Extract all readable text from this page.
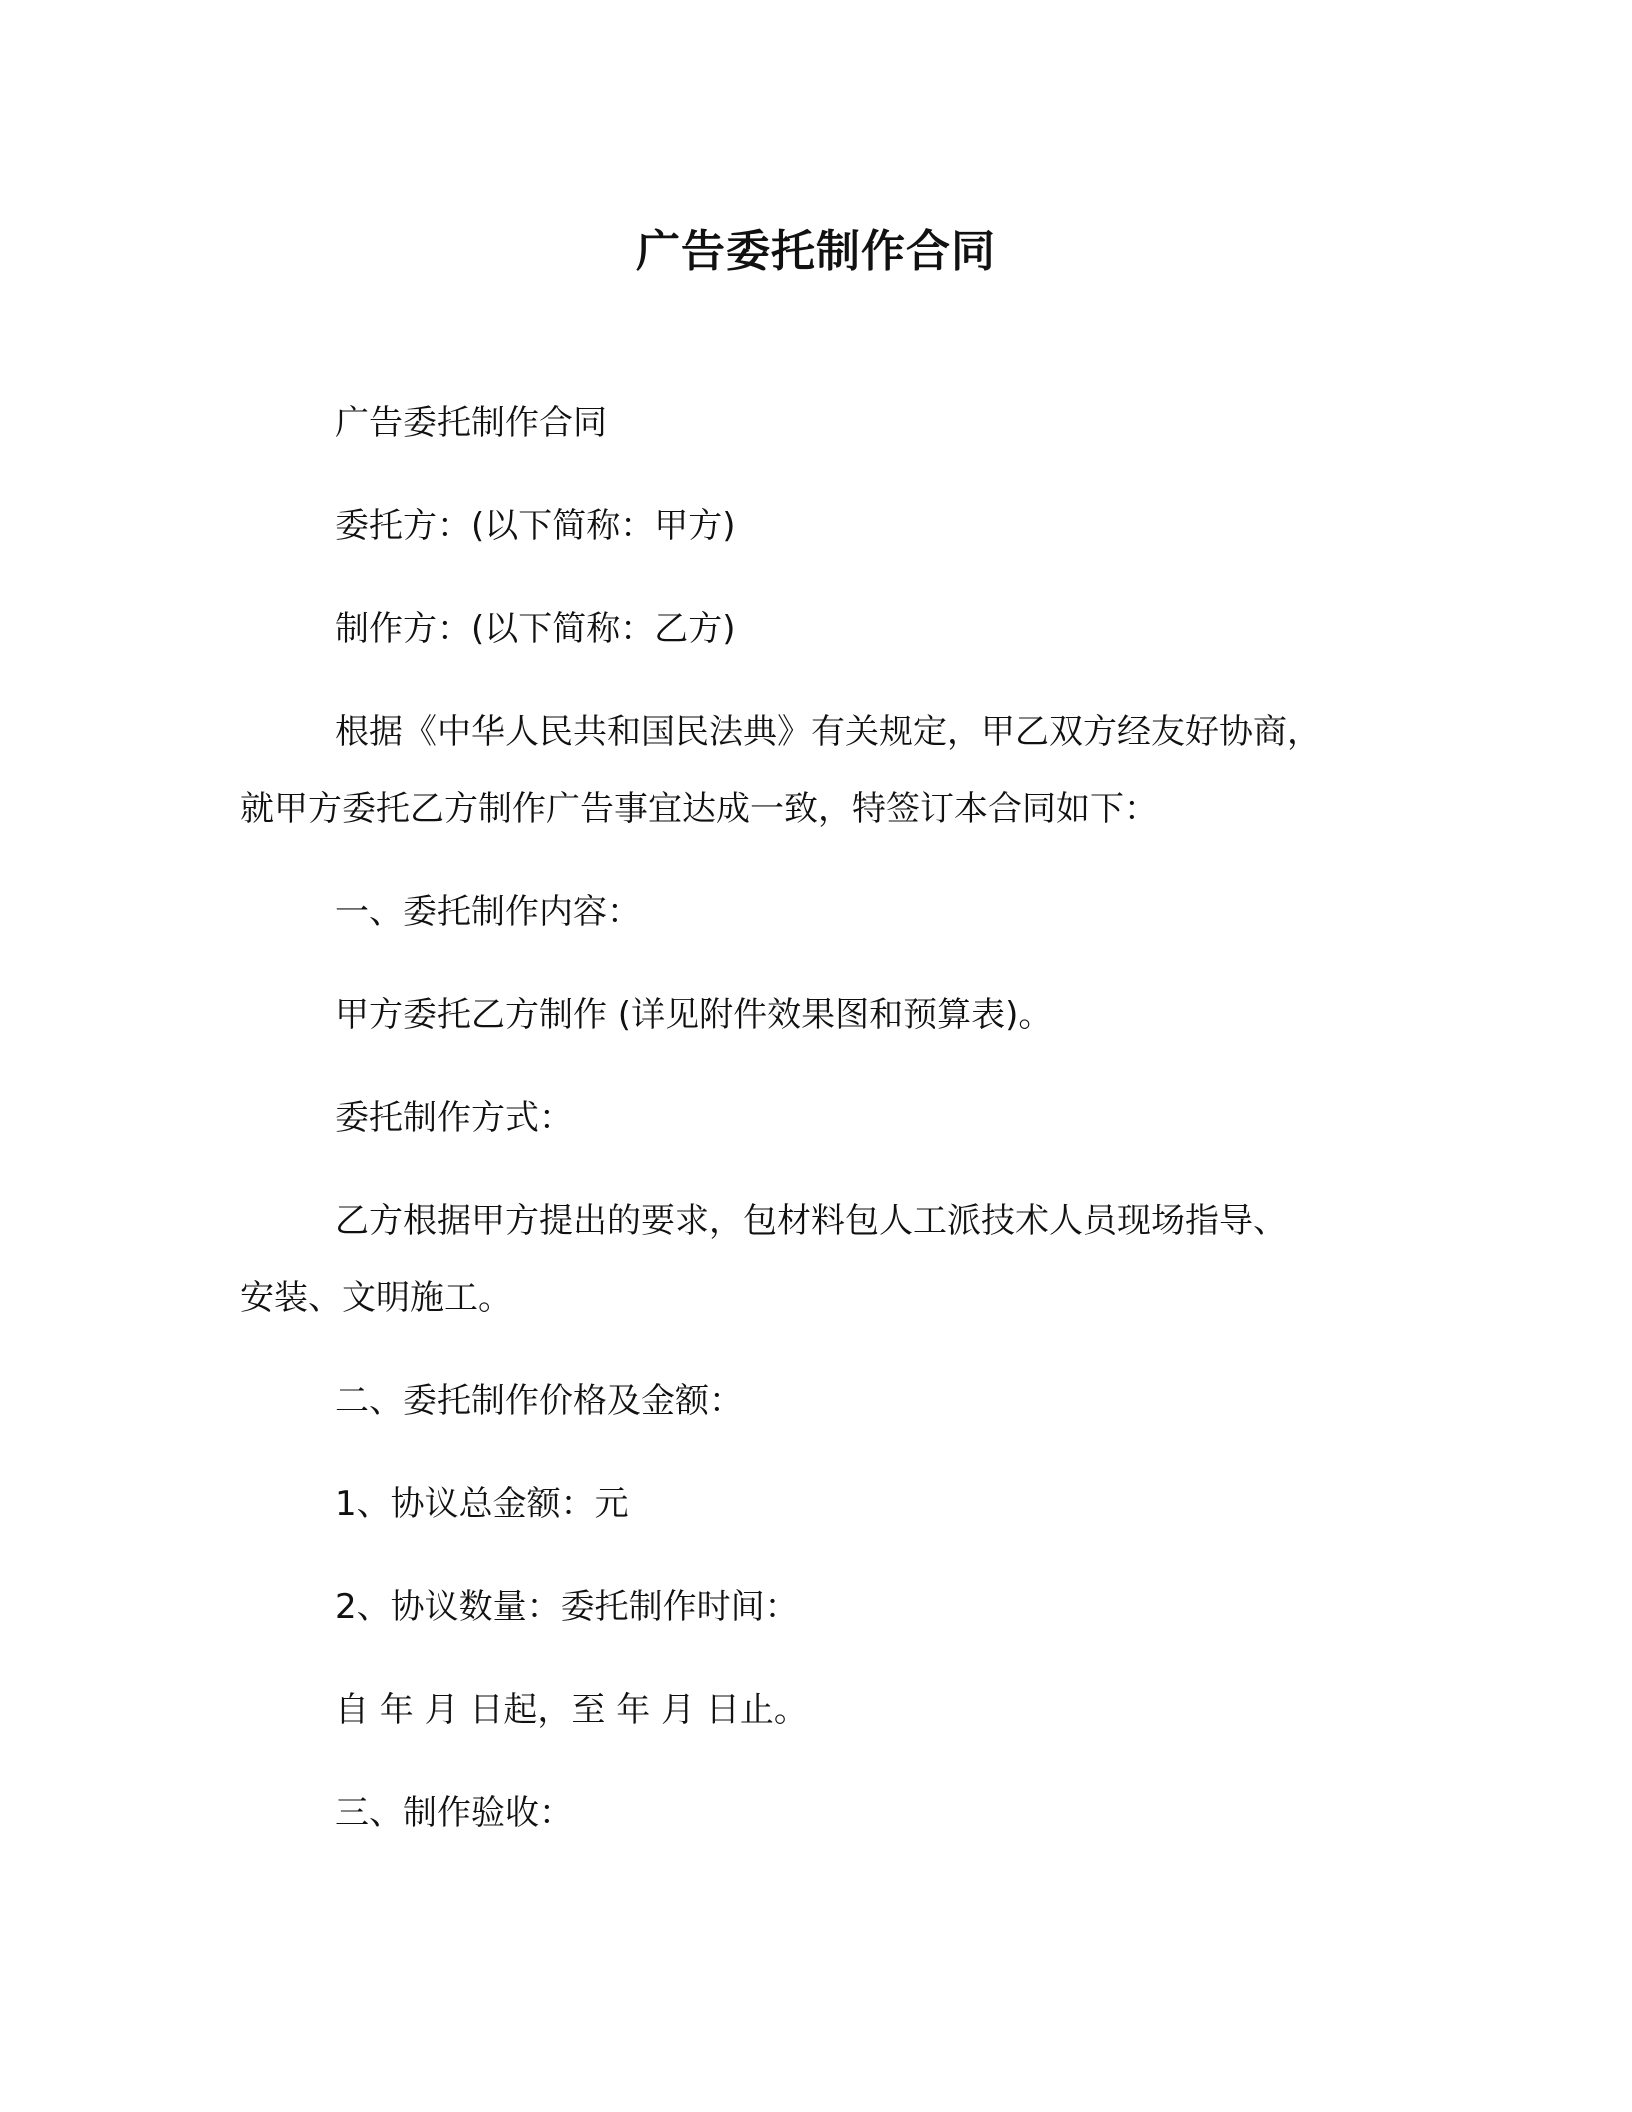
广告委托制作合同
广告委托制作合同
委托方：(以下简称：甲方)
制作方：(以下简称：乙方)
根据《中华人民共和国民法典》有关规定，甲乙双方经友好协商，
就甲方委托乙方制作广告事宜达成一致，特签订本合同如下：
一、委托制作内容：
甲方委托乙方制作 (详见附件效果图和预算表)。
委托制作方式：
乙方根据甲方提出的要求，包材料包人工派技术人员现场指导、
安装、文明施工。
二、委托制作价格及金额：
1、协议总金额：元
2、协议数量：委托制作时间：
自 年 月 日起，至 年 月 日止。
三、制作验收：
